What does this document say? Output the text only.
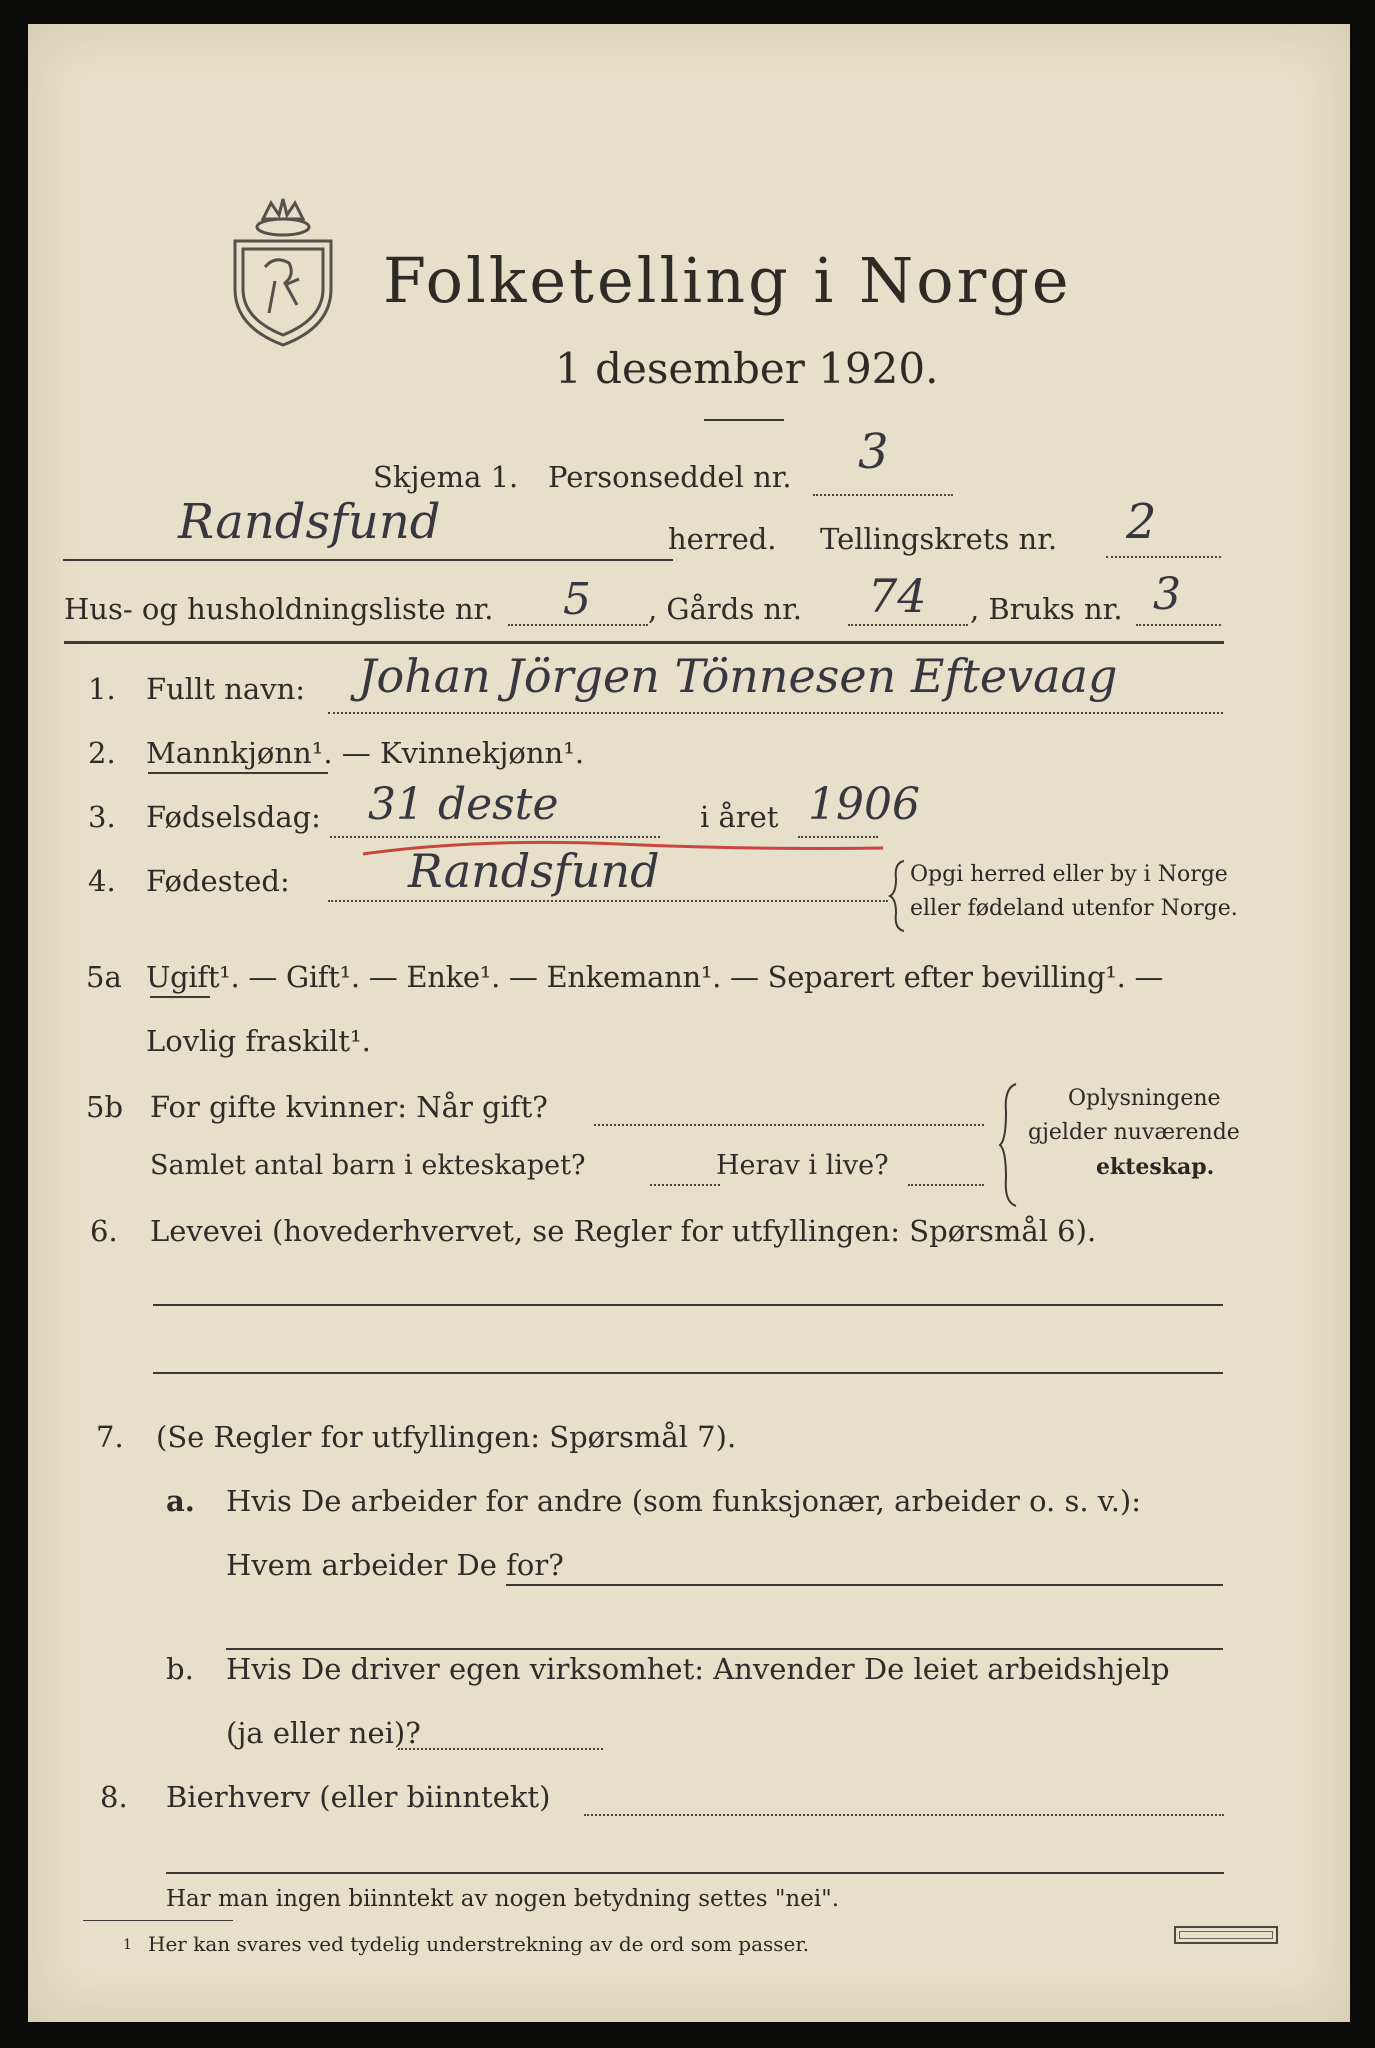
Folketelling i Norge
1 desember 1920.
Skjema 1. Personseddel nr. 3
Randsfund	herred. Tellingskrets nr. 2
Hus- og husholdningsliste nr. 5 , Gårds nr. 74 , Bruks nr. 3
1. Fullt navn: Johan Jörgen Tönnesen Eftevaag
2. Mannkjønn¹. — Kvinnekjønn¹.
3. Fødselsdag: 31 deste	i året 1906
4. Fødested:	Randsfund	Opgi herred eller by i Norge
eller fødeland utenfor Norge.
5a Ugift¹. — Gift¹. — Enke¹. — Enkemann¹. — Separert efter bevilling¹. —
Lovlig fraskilt¹.
5b For gifte kvinner: Når gift?
Samlet antal barn i ekteskapet?	Herav i live?
Oplysningene
gjelder nuværende
ekteskap.
6. Levevei (hovederhvervet, se Regler for utfyllingen: Spørsmål 6).
7. (Se Regler for utfyllingen: Spørsmål 7).
a. Hvis De arbeider for andre (som funksjonær, arbeider o. s. v.):
Hvem arbeider De for?
b. Hvis De driver egen virksomhet: Anvender De leiet arbeidshjelp
(ja eller nei)?
8. Bierhverv (eller biinntekt)
Har man ingen biinntekt av nogen betydning settes "nei".
1 Her kan svares ved tydelig understrekning av de ord som passer.
